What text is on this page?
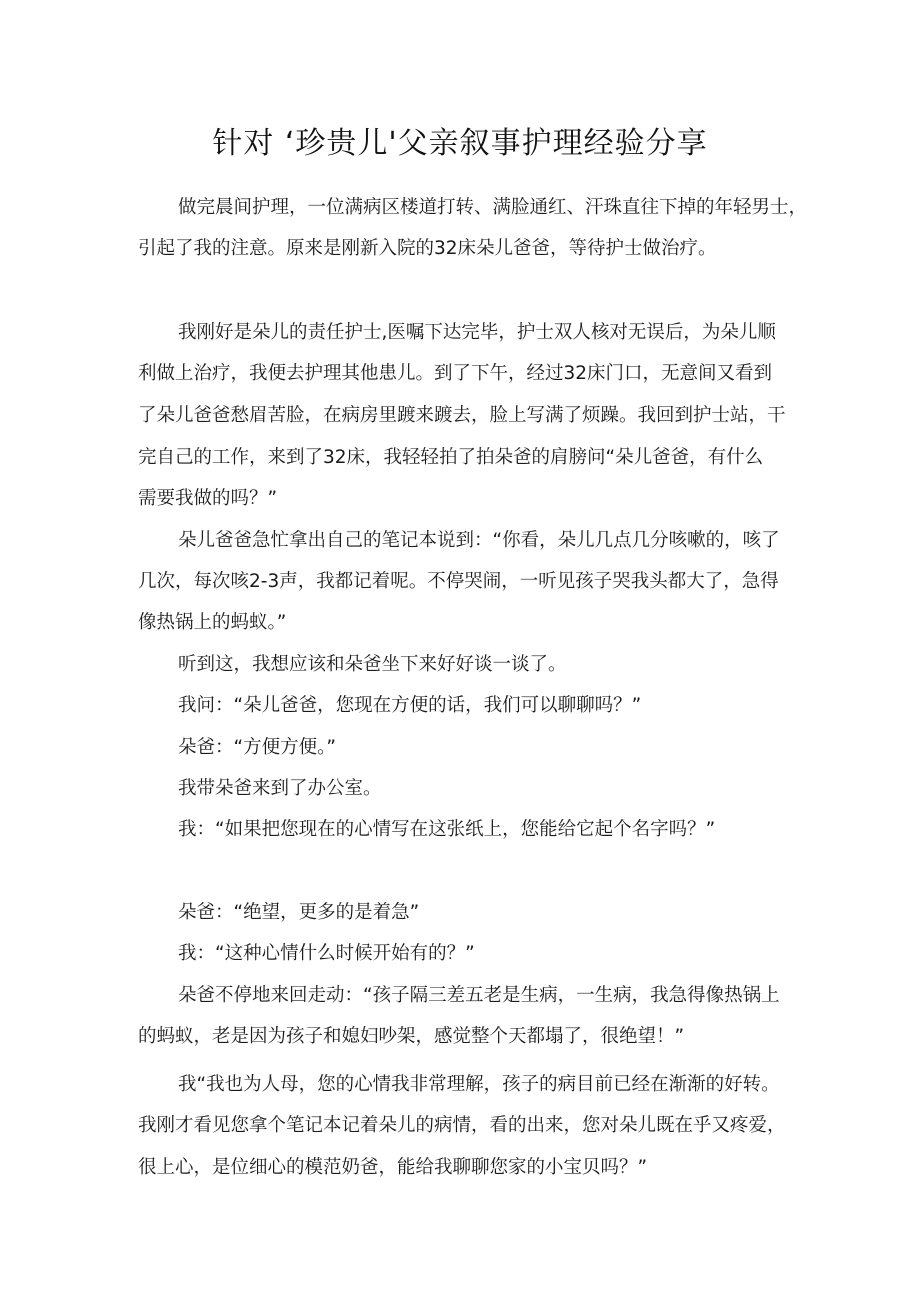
针对 ‘珍贵儿'父亲叙事护理经验分享
做完晨间护理，一位满病区楼道打转、满脸通红、汗珠直往下掉的年轻男士，
引起了我的注意。原来是刚新入院的32床朵儿爸爸，等待护士做治疗。
我刚好是朵儿的责任护士,医嘱下达完毕，护士双人核对无误后，为朵儿顺
利做上治疗，我便去护理其他患儿。到了下午，经过32床门口，无意间又看到
了朵儿爸爸愁眉苦脸，在病房里踱来踱去，脸上写满了烦躁。我回到护士站，干
完自己的工作，来到了32床，我轻轻拍了拍朵爸的肩膀问“朵儿爸爸，有什么
需要我做的吗？”
朵儿爸爸急忙拿出自己的笔记本说到：“你看，朵儿几点几分咳嗽的，咳了
几次，每次咳2-3声，我都记着呢。不停哭闹，一听见孩子哭我头都大了，急得
像热锅上的蚂蚁。”
听到这，我想应该和朵爸坐下来好好谈一谈了。
我问：“朵儿爸爸，您现在方便的话，我们可以聊聊吗？”
朵爸：“方便方便。”
我带朵爸来到了办公室。
我：“如果把您现在的心情写在这张纸上，您能给它起个名字吗？”
朵爸：“绝望，更多的是着急”
我：“这种心情什么时候开始有的？”
朵爸不停地来回走动：“孩子隔三差五老是生病，一生病，我急得像热锅上
的蚂蚁，老是因为孩子和媳妇吵架，感觉整个天都塌了，很绝望！”
我“我也为人母，您的心情我非常理解，孩子的病目前已经在渐渐的好转。
我刚才看见您拿个笔记本记着朵儿的病情，看的出来，您对朵儿既在乎又疼爱，
很上心，是位细心的模范奶爸，能给我聊聊您家的小宝贝吗？”
